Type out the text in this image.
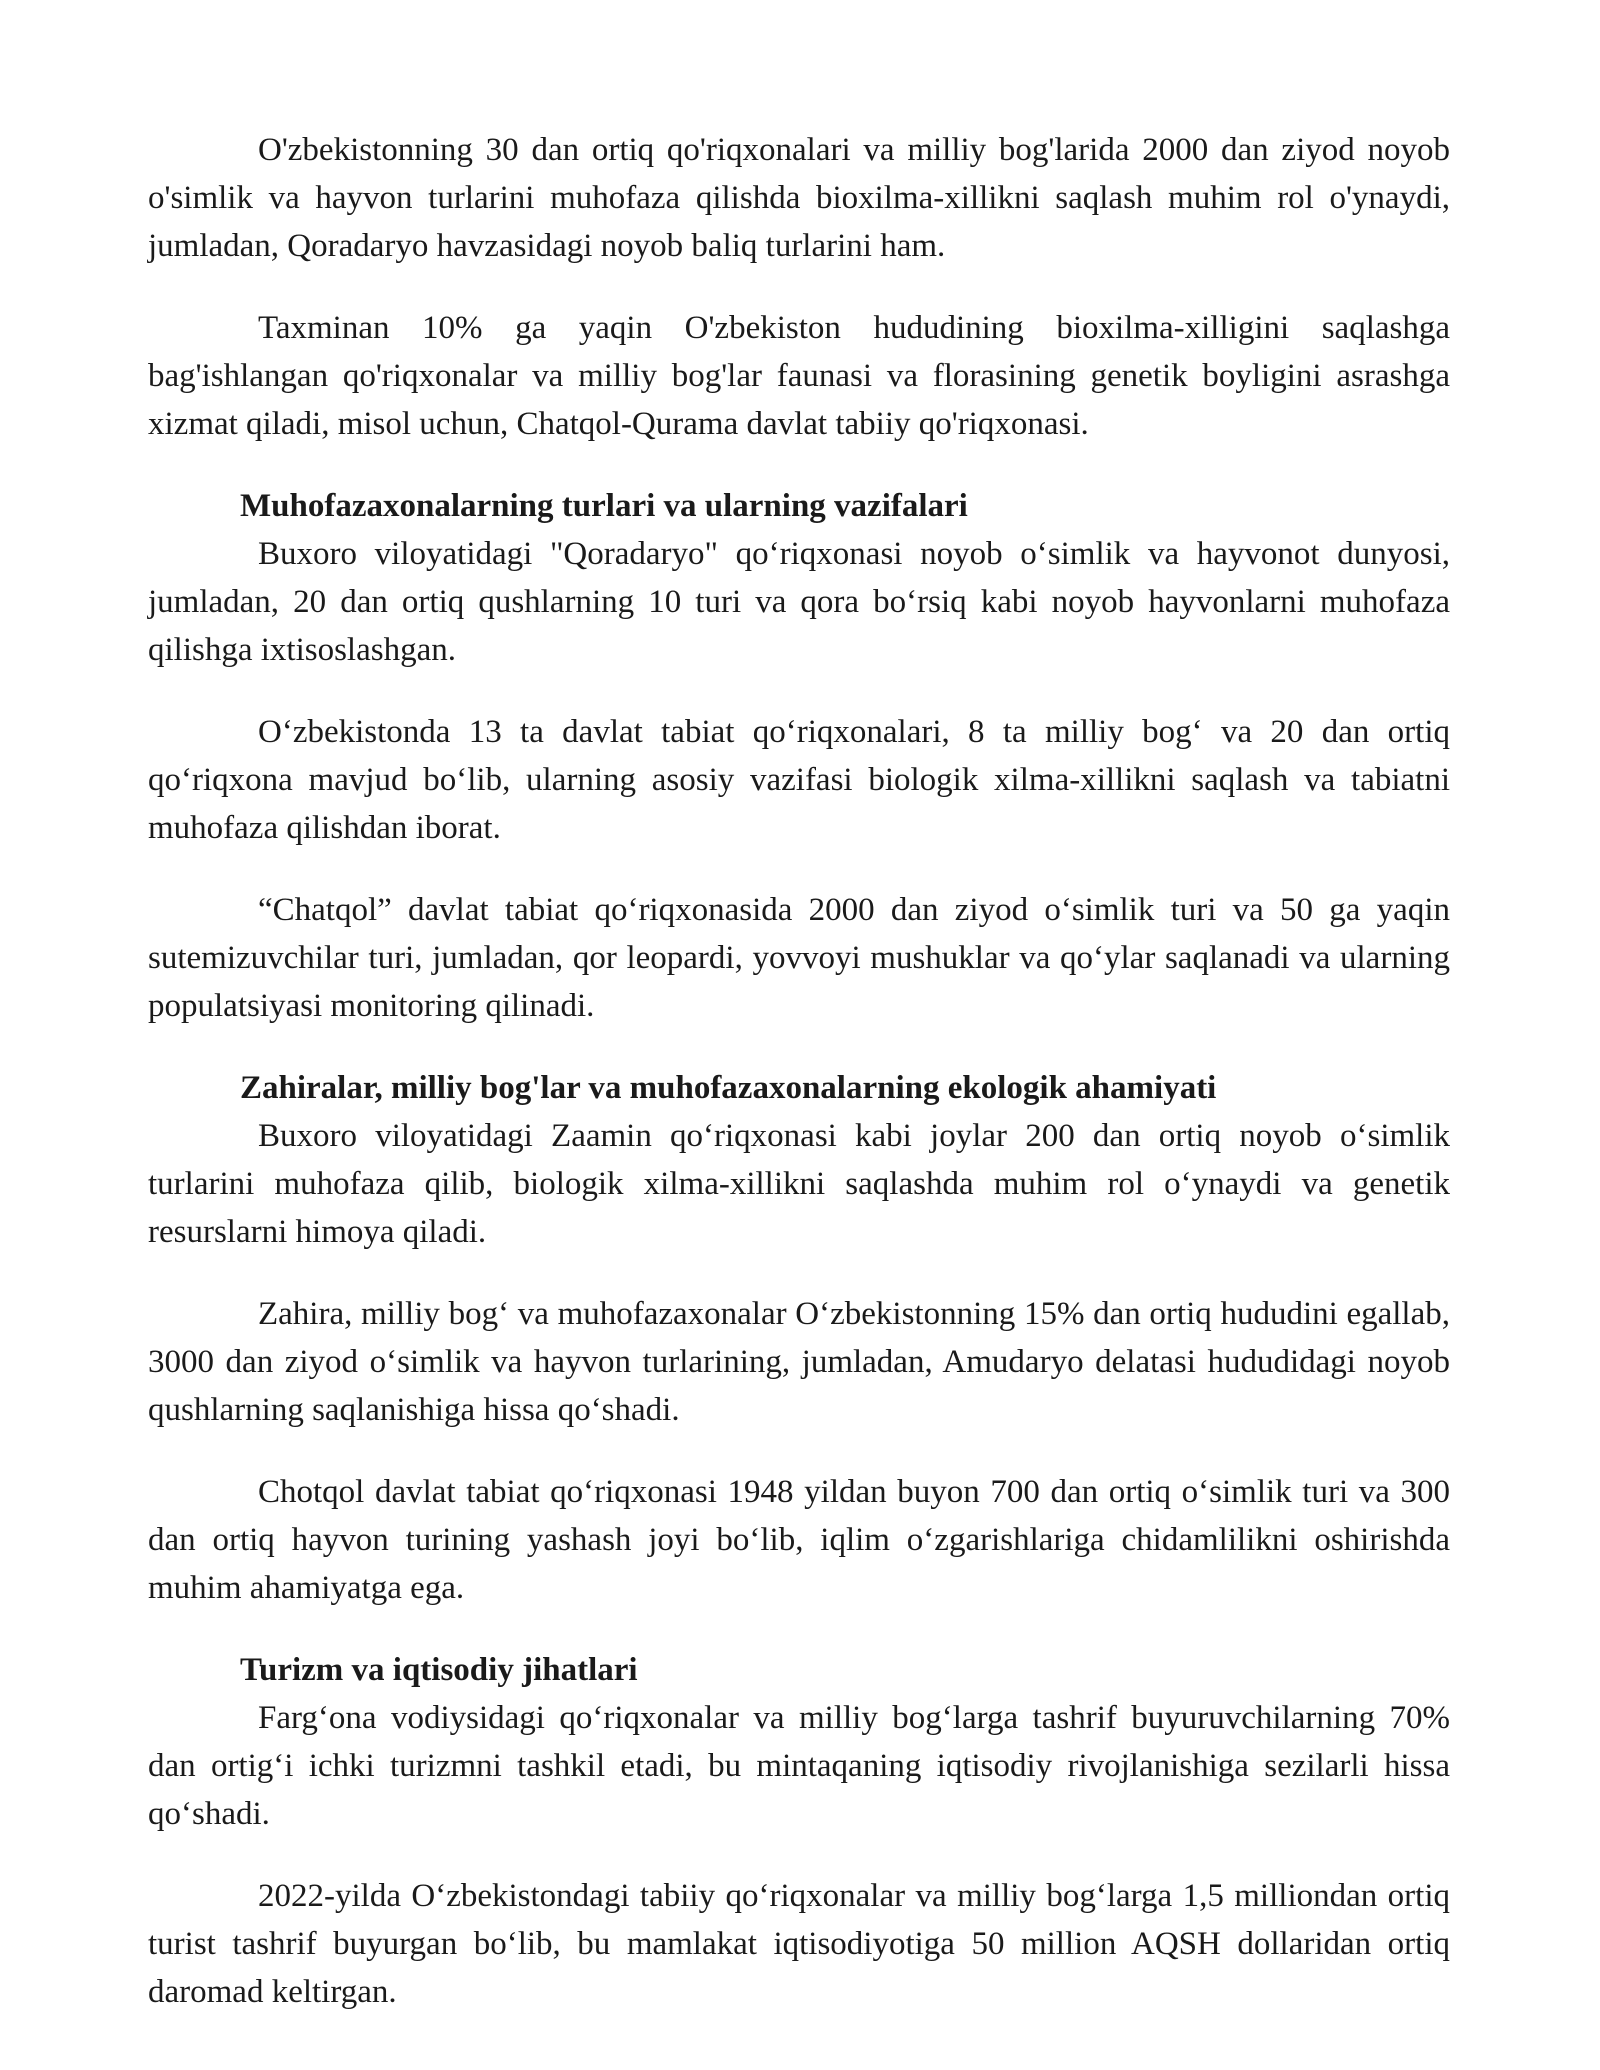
O'zbekistonning 30 dan ortiq qo'riqxonalari va milliy bog'larida 2000 dan ziyod noyob o'simlik va hayvon turlarini muhofaza qilishda bioxilma-xillikni saqlash muhim rol o'ynaydi, jumladan, Qoradaryo havzasidagi noyob baliq turlarini ham.

Taxminan 10% ga yaqin O'zbekiston hududining bioxilma-xilligini saqlashga bag'ishlangan qo'riqxonalar va milliy bog'lar faunasi va florasining genetik boyligini asrashga xizmat qiladi, misol uchun, Chatqol-Qurama davlat tabiiy qo'riqxonasi.

Muhofazaxonalarning turlari va ularning vazifalari

Buxoro viloyatidagi "Qoradaryo" qo‘riqxonasi noyob o‘simlik va hayvonot dunyosi, jumladan, 20 dan ortiq qushlarning 10 turi va qora bo‘rsiq kabi noyob hayvonlarni muhofaza qilishga ixtisoslashgan.

O‘zbekistonda 13 ta davlat tabiat qo‘riqxonalari, 8 ta milliy bog‘ va 20 dan ortiq qo‘riqxona mavjud bo‘lib, ularning asosiy vazifasi biologik xilma-xillikni saqlash va tabiatni muhofaza qilishdan iborat.

“Chatqol” davlat tabiat qo‘riqxonasida 2000 dan ziyod o‘simlik turi va 50 ga yaqin sutemizuvchilar turi, jumladan, qor leopardi, yovvoyi mushuklar va qo‘ylar saqlanadi va ularning populatsiyasi monitoring qilinadi.

Zahiralar, milliy bog'lar va muhofazaxonalarning ekologik ahamiyati

Buxoro viloyatidagi Zaamin qo‘riqxonasi kabi joylar 200 dan ortiq noyob o‘simlik turlarini muhofaza qilib, biologik xilma-xillikni saqlashda muhim rol o‘ynaydi va genetik resurslarni himoya qiladi.

Zahira, milliy bog‘ va muhofazaxonalar O‘zbekistonning 15% dan ortiq hududini egallab, 3000 dan ziyod o‘simlik va hayvon turlarining, jumladan, Amudaryo delatasi hududidagi noyob qushlarning saqlanishiga hissa qo‘shadi.

Chotqol davlat tabiat qo‘riqxonasi 1948 yildan buyon 700 dan ortiq o‘simlik turi va 300 dan ortiq hayvon turining yashash joyi bo‘lib, iqlim o‘zgarishlariga chidamlilikni oshirishda muhim ahamiyatga ega.

Turizm va iqtisodiy jihatlari

Farg‘ona vodiysidagi qo‘riqxonalar va milliy bog‘larga tashrif buyuruvchilarning 70% dan ortig‘i ichki turizmni tashkil etadi, bu mintaqaning iqtisodiy rivojlanishiga sezilarli hissa qo‘shadi.

2022-yilda O‘zbekistondagi tabiiy qo‘riqxonalar va milliy bog‘larga 1,5 milliondan ortiq turist tashrif buyurgan bo‘lib, bu mamlakat iqtisodiyotiga 50 million AQSH dollaridan ortiq daromad keltirgan.
